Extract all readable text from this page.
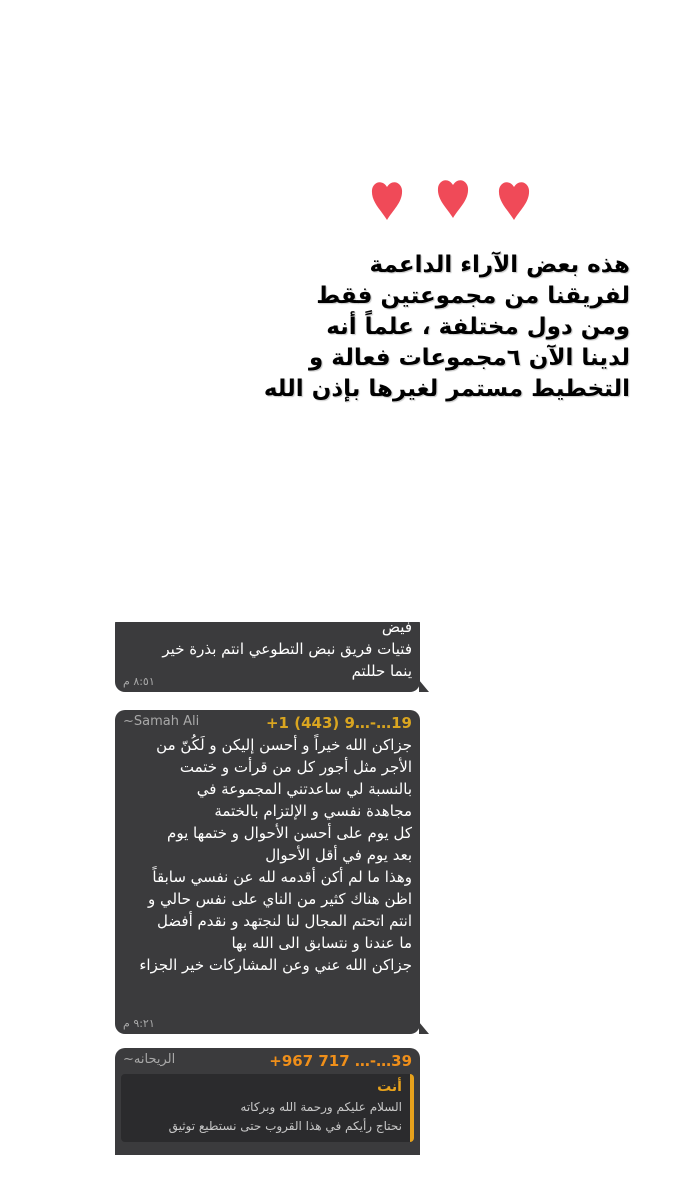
هذه بعض الآراء الداعمة
لفريقنا من مجموعتين فقط
ومن دول مختلفة ، علماً أنه
لدينا الآن ٦مجموعات فعالة و
التخطيط مستمر لغيرها بإذن الله
فيض
فتيات فريق نبض التطوعي انتم بذرة خير
ينما حللتم
٨:٥١ م
+1 (443) 9…-…19
~Samah Ali
جزاكن الله خيراً و أحسن إليكن و لَكُنّ من
الأجر مثل أجور كل من قرأت و ختمت
بالنسبة لي ساعدتني المجموعة في
مجاهدة نفسي و الإلتزام بالختمة
كل يوم على أحسن الأحوال و ختمها يوم
بعد يوم في أقل الأحوال
وهذا ما لم أكن أقدمه لله عن نفسي سابقاً
اظن هناك كثير من الناي على نفس حالي و
انتم اتحتم المجال لنا لنجتهد و نقدم أفضل
ما عندنا و نتسابق الى الله بها
جزاكن الله عني وعن المشاركات خير الجزاء
٩:٢١ م
+967 717 …-…39
~الريحانه
أنت
السلام عليكم ورحمة الله وبركاته
نحتاج رأيكم في هذا القروب حتى نستطيع توثيق
